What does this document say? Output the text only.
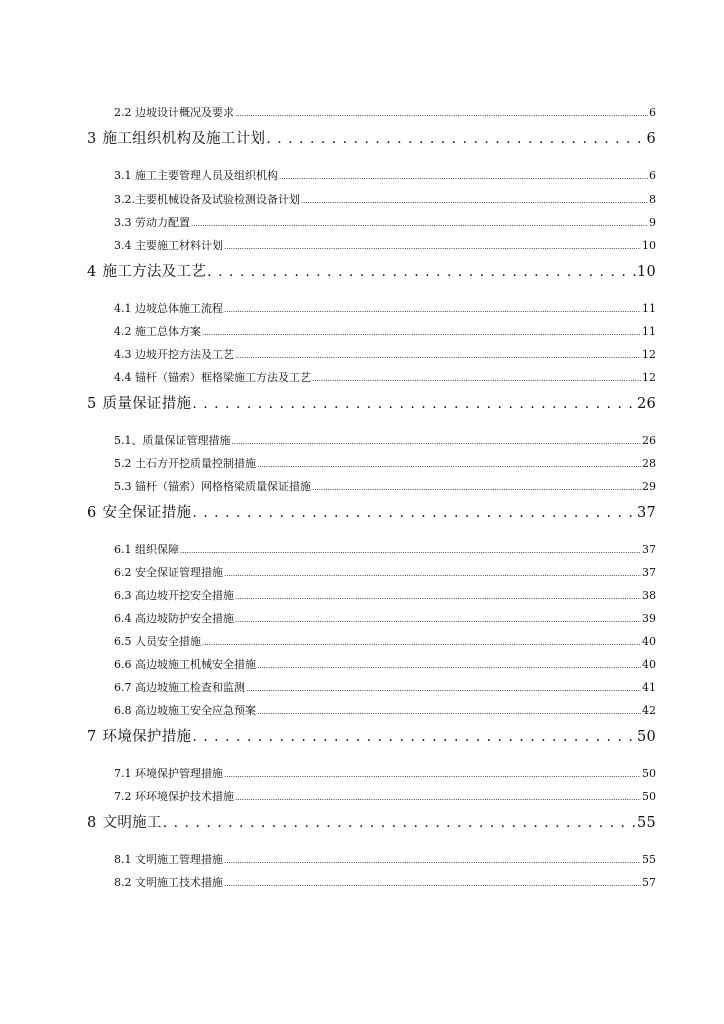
2.2 边坡设计概况及要求 .....	6
3 施工组织机构及施工计划 . . .	6
3.1 施工主要管理人员及组织机构 .....	6
3.2.主要机械设备及试验检测设备计划 .....	8
3.3 劳动力配置 .....	9
3.4 主要施工材料计划 .....	10
4 施工方法及工艺 . . .	10
4.1 边坡总体施工流程 .....	11
4.2 施工总体方案 .....	11
4.3 边坡开挖方法及工艺 .....	12
4.4 锚杆（锚索）框格梁施工方法及工艺 .....	12
5 质量保证措施 . . .	26
5.1、质量保证管理措施 .....	26
5.2 土石方开挖质量控制措施 .....	28
5.3 锚杆（锚索）网格格梁质量保证措施 .....	29
6 安全保证措施 . . .	37
6.1 组织保障 .....	37
6.2 安全保证管理措施 .....	37
6.3 高边坡开挖安全措施 .....	38
6.4 高边坡防护安全措施 .....	39
6.5 人员安全措施 .....	40
6.6 高边坡施工机械安全措施 .....	40
6.7 高边坡施工检查和监测 .....	41
6.8 高边坡施工安全应急预案 .....	42
7 环境保护措施 . . .	50
7.1 环境保护管理措施 .....	50
7.2 环环境保护技术措施 .....	50
8 文明施工 . . .	55
8.1 文明施工管理措施 .....	55
8.2 文明施工技术措施 .....	57
